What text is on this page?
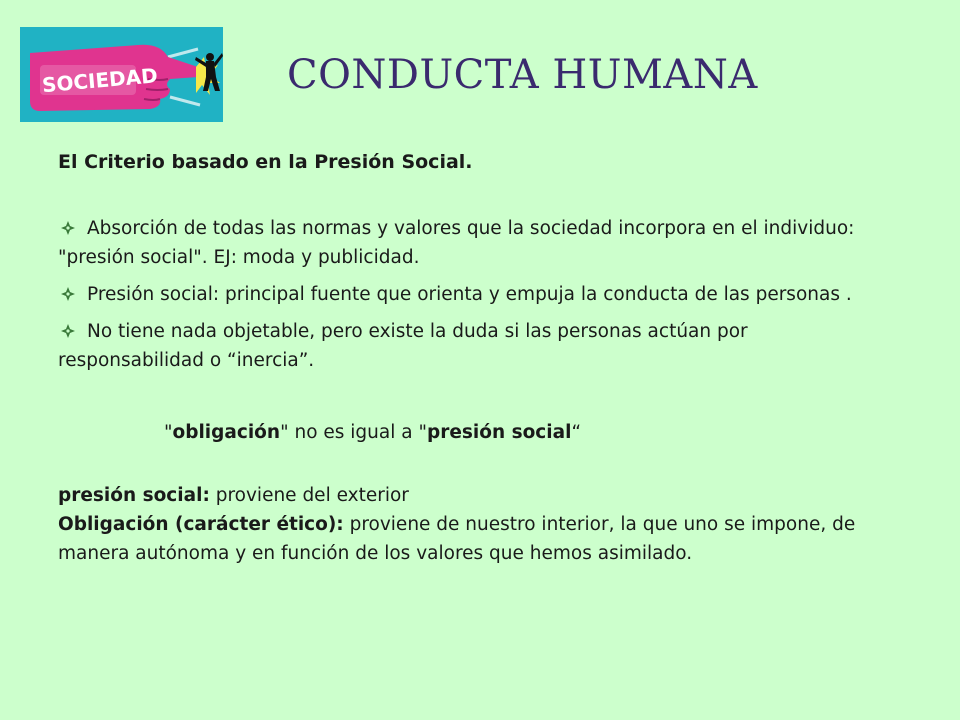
SOCIEDAD	CONDUCTA HUMANA

El Criterio basado en la Presión Social.

Absorción de todas las normas y valores que la sociedad incorpora en el individuo: "presión social". EJ: moda y publicidad.
Presión social: principal fuente que orienta y empuja la conducta de las personas .
No tiene nada objetable, pero existe la duda si las personas actúan por responsabilidad o “inercia”.
"obligación" no es igual a "presión social“

presión social: proviene del exterior

Obligación (carácter ético): proviene de nuestro interior, la que uno se impone, de manera autónoma y en función de los valores que hemos asimilado.
